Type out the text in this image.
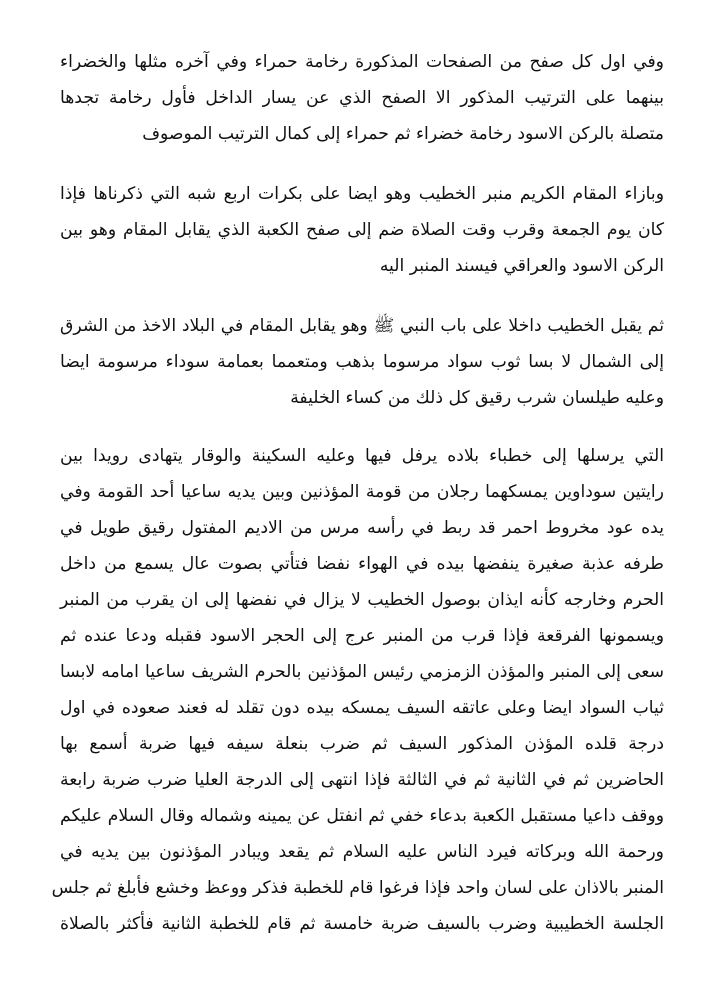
وفي اول كل صفح من الصفحات المذكورة رخامة حمراء وفي آخره مثلها والخضراء
بينهما على الترتيب المذكور الا الصفح الذي عن يسار الداخل فأول رخامة تجدها
متصلة بالركن الاسود رخامة خضراء ثم حمراء إلى كمال الترتيب الموصوف
وبازاء المقام الكريم منبر الخطيب وهو ايضا على بكرات اربع شبه التي ذكرناها فإذا
كان يوم الجمعة وقرب وقت الصلاة ضم إلى صفح الكعبة الذي يقابل المقام وهو بين
الركن الاسود والعراقي فيسند المنبر اليه
ثم يقبل الخطيب داخلا على باب النبي ﷺ وهو يقابل المقام في البلاد الاخذ من الشرق
إلى الشمال لا بسا ثوب سواد مرسوما بذهب ومتعمما بعمامة سوداء مرسومة ايضا
وعليه طيلسان شرب رقيق كل ذلك من كساء الخليفة
التي يرسلها إلى خطباء بلاده يرفل فيها وعليه السكينة والوقار يتهادى رويدا بين
رايتين سوداوين يمسكهما رجلان من قومة المؤذنين وبين يديه ساعيا أحد القومة وفي
يده عود مخروط احمر قد ربط في رأسه مرس من الاديم المفتول رقيق طويل في
طرفه عذبة صغيرة ينفضها بيده في الهواء نفضا فتأتي بصوت عال يسمع من داخل
الحرم وخارجه كأنه ايذان بوصول الخطيب لا يزال في نفضها إلى ان يقرب من المنبر
ويسمونها الفرقعة فإذا قرب من المنبر عرج إلى الحجر الاسود فقبله ودعا عنده ثم
سعى إلى المنبر والمؤذن الزمزمي رئيس المؤذنين بالحرم الشريف ساعيا امامه لابسا
ثياب السواد ايضا وعلى عاتقه السيف يمسكه بيده دون تقلد له فعند صعوده في اول
درجة قلده المؤذن المذكور السيف ثم ضرب بنعلة سيفه فيها ضربة أسمع بها
الحاضرين ثم في الثانية ثم في الثالثة فإذا انتهى إلى الدرجة العليا ضرب ضربة رابعة
ووقف داعيا مستقبل الكعبة بدعاء خفي ثم انفتل عن يمينه وشماله وقال السلام عليكم
ورحمة الله وبركاته فيرد الناس عليه السلام ثم يقعد ويبادر المؤذنون بين يديه في
المنبر بالاذان على لسان واحد فإذا فرغوا قام للخطبة فذكر ووعظ وخشع فأبلغ ثم جلس
الجلسة الخطيبية وضرب بالسيف ضربة خامسة ثم قام للخطبة الثانية فأكثر بالصلاة
